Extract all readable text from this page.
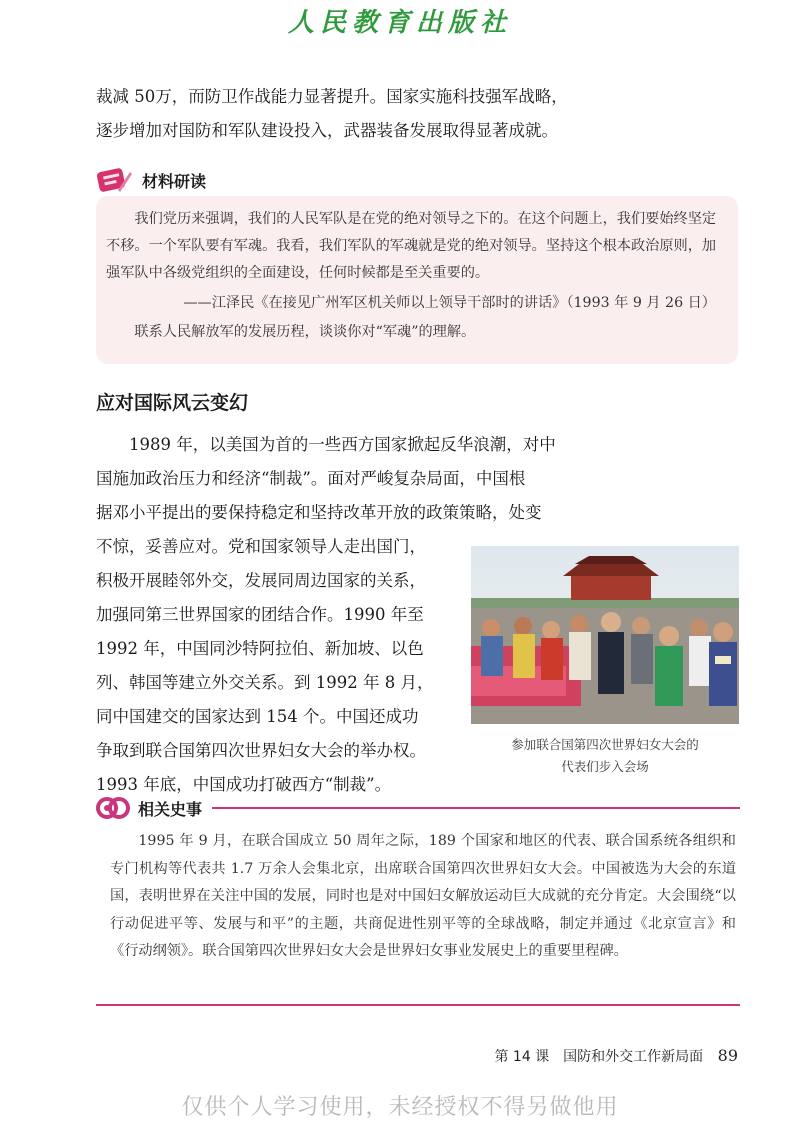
人民教育出版社

裁减 50万，而防卫作战能力显著提升。国家实施科技强军战略，
逐步增加对国防和军队建设投入，武器装备发展取得显著成就。

材料研读

我们党历来强调，我们的人民军队是在党的绝对领导之下的。在这个问题上，我们要始终坚定不移。一个军队要有军魂。我看，我们军队的军魂就是党的绝对领导。坚持这个根本政治原则，加强军队中各级党组织的全面建设，任何时候都是至关重要的。

——江泽民《在接见广州军区机关师以上领导干部时的讲话》（1993 年 9 月 26 日）

联系人民解放军的发展历程，谈谈你对“军魂”的理解。

应对国际风云变幻

1989 年，以美国为首的一些西方国家掀起反华浪潮，对中
国施加政治压力和经济“制裁”。面对严峻复杂局面，中国根
据邓小平提出的要保持稳定和坚持改革开放的政策策略，处变
不惊，妥善应对。党和国家领导人走出国门，
积极开展睦邻外交，发展同周边国家的关系，
加强同第三世界国家的团结合作。1990 年至
1992 年，中国同沙特阿拉伯、新加坡、以色
列、韩国等建立外交关系。到 1992 年 8 月，
同中国建交的国家达到 154 个。中国还成功
争取到联合国第四次世界妇女大会的举办权。
1993 年底，中国成功打破西方“制裁”。

参加联合国第四次世界妇女大会的
代表们步入会场
相关史事

1995 年 9 月，在联合国成立 50 周年之际，189 个国家和地区的代表、联合国系统各组织和专门机构等代表共 1.7 万余人会集北京，出席联合国第四次世界妇女大会。中国被选为大会的东道国，表明世界在关注中国的发展，同时也是对中国妇女解放运动巨大成就的充分肯定。大会围绕“以行动促进平等、发展与和平”的主题，共商促进性别平等的全球战略，制定并通过《北京宣言》和《行动纲领》。联合国第四次世界妇女大会是世界妇女事业发展史上的重要里程碑。

第 14 课　国防和外交工作新局面 89
仅供个人学习使用，未经授权不得另做他用
